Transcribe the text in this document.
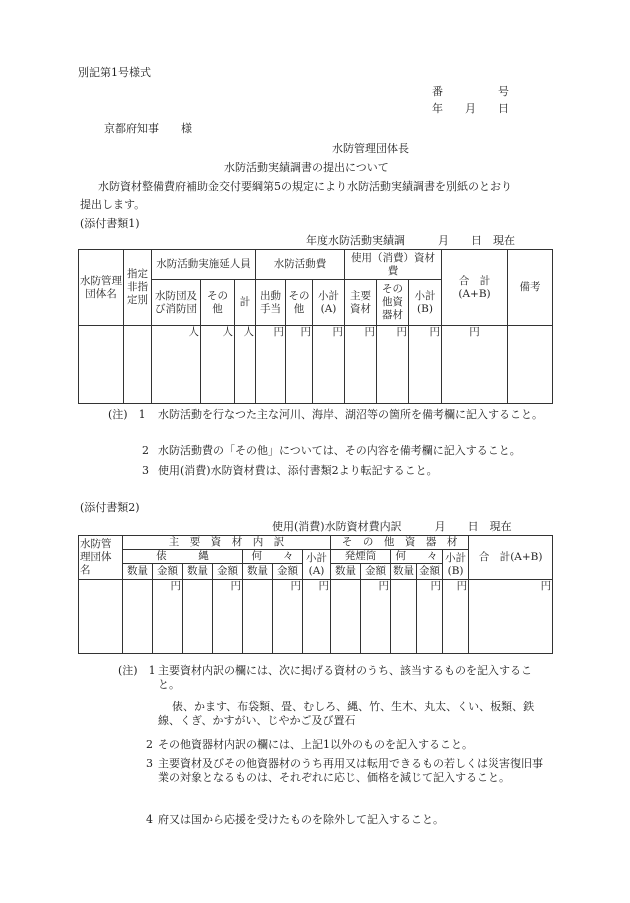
別記第1号様式
番　　　　　号
年　　月　　日
京都府知事　　様
水防管理団体長
水防活動実績調書の提出について
水防資材整備費府補助金交付要綱第5の規定により水防活動実績調書を別紙のとおり
提出します。
(添付書類1)
年度水防活動実績調　　　月　　日　現在
水防管理団体名	指定非指定別	水防活動実施延人員			水防活動費			使用（消費）資材費			合　計(A+B)	備考
		水防団及び消防団	その他	計	出動手当	その他	小計(A)	主要資材	その他資器材	小計(B)		
		人	人	人	円	円	円	円	円	円	円	
(注)　1 水防活動を行なつた主な河川、海岸、湖沼等の箇所を備考欄に記入すること。
2 水防活動費の「その他」については、その内容を備考欄に記入すること。
3 使用(消費)水防資材費は、添付書類2より転記すること。
(添付書類2)
使用(消費)水防資材費内訳　　　月　　日　現在
水防管理団体名	主　要　資　材　内　訳							そ　の　他　資　器　材					合　計(A+B)
	俵　　　縄				何　　々		小計(A)	発煙筒		何　　々		小計(B)	
	数量	金額	数量	金額	数量	金額		数量	金額	数量	金額		
		円		円		円	円		円		円	円	円
(注)　1 主要資材内訳の欄には、次に掲げる資材のうち、該当するものを記入すること。
俵、かます、布袋類、畳、むしろ、縄、竹、生木、丸太、くい、板類、鉄線、くぎ、かすがい、じやかご及び置石
2 その他資器材内訳の欄には、上記1以外のものを記入すること。
3 主要資材及びその他資器材のうち再用又は転用できるもの若しくは災害復旧事業の対象となるものは、それぞれに応じ、価格を減じて記入すること。
4 府又は国から応援を受けたものを除外して記入すること。
